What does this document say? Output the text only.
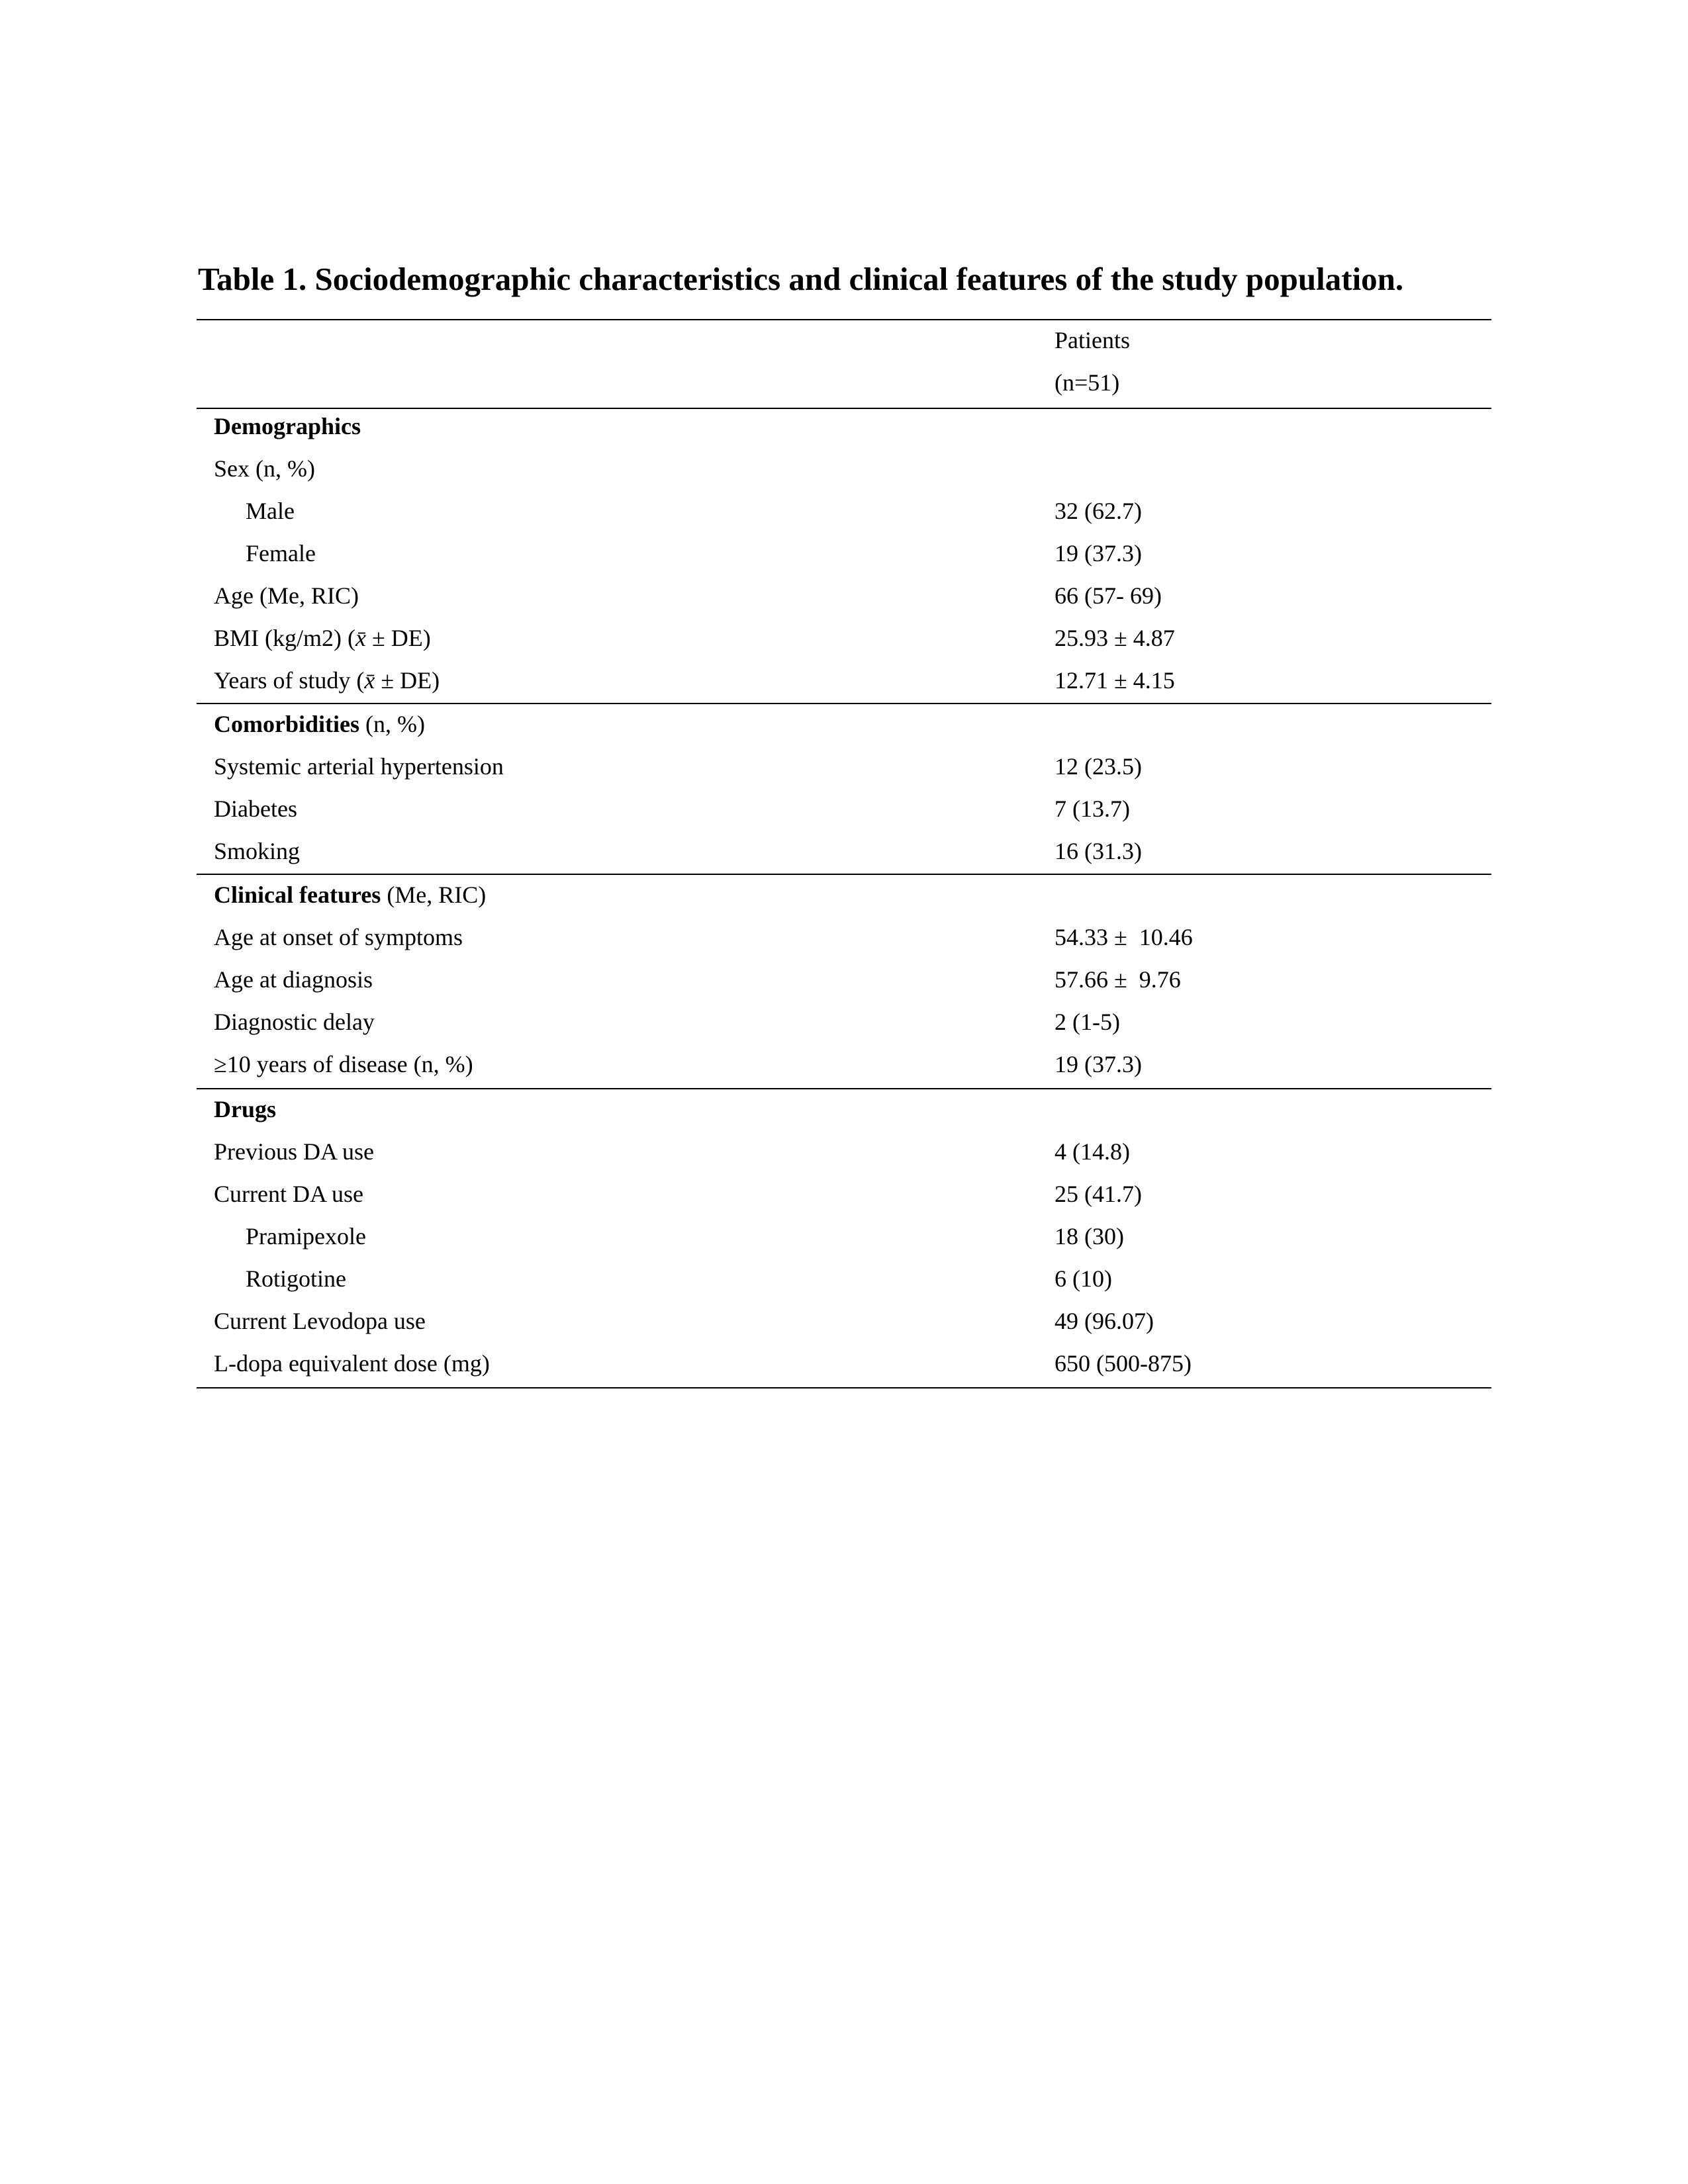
Table 1. Sociodemographic characteristics and clinical features of the study population.
Patients
(n=51)
Demographics
Sex (n, %)
Male	32 (62.7)
Female	19 (37.3)
Age (Me, RIC)	66 (57- 69)
BMI (kg/m2) (x̄ ± DE)	25.93 ± 4.87
Years of study (x̄ ± DE)	12.71 ± 4.15
Comorbidities (n, %)
Systemic arterial hypertension	12 (23.5)
Diabetes	7 (13.7)
Smoking	16 (31.3)
Clinical features (Me, RIC)
Age at onset of symptoms	54.33 ±  10.46
Age at diagnosis	57.66 ±  9.76
Diagnostic delay	2 (1-5)
≥10 years of disease (n, %)	19 (37.3)
Drugs
Previous DA use	4 (14.8)
Current DA use	25 (41.7)
Pramipexole	18 (30)
Rotigotine	6 (10)
Current Levodopa use	49 (96.07)
L-dopa equivalent dose (mg)	650 (500-875)
